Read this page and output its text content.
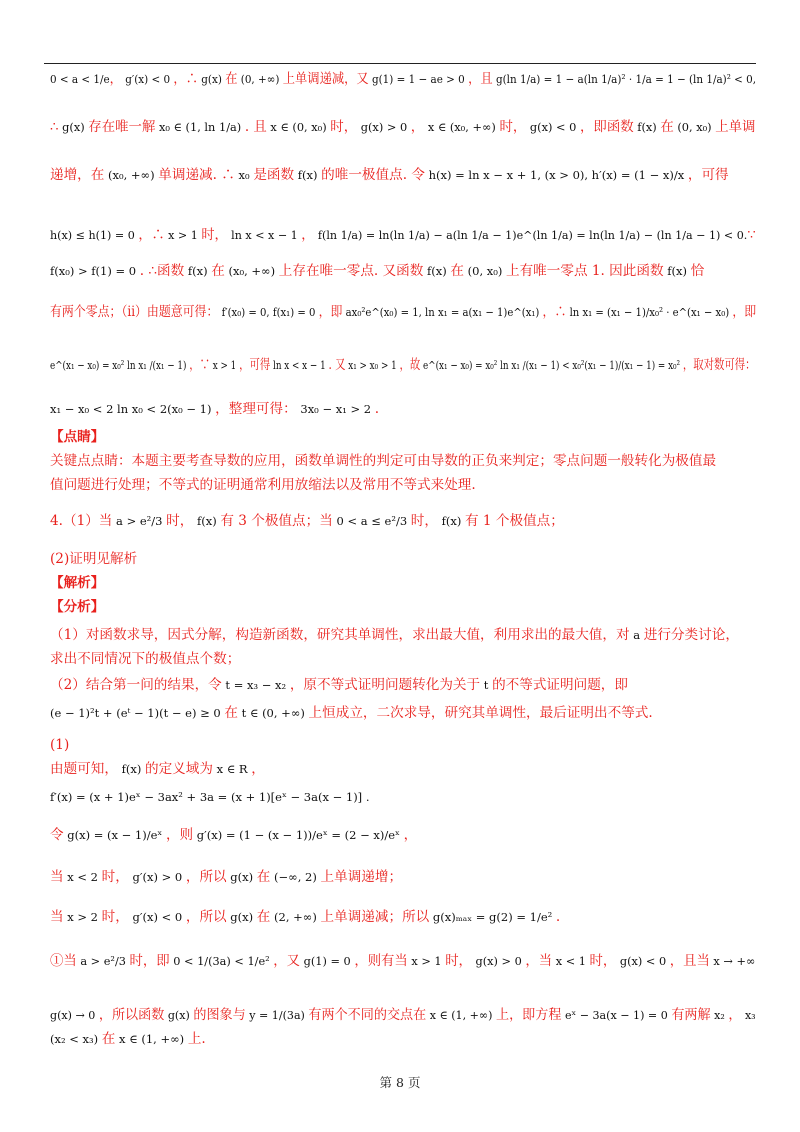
0 < a < 1/e， g′(x) < 0 ，∴ g(x) 在 (0, +∞) 上单调递减，又 g(1) = 1 − ae > 0 ，且 g(ln 1/a) = 1 − a(ln 1/a)² · 1/a = 1 − (ln 1/a)² < 0,
∴ g(x) 存在唯一解 x₀ ∈ (1, ln 1/a) . 且 x ∈ (0, x₀) 时， g(x) > 0 ， x ∈ (x₀, +∞) 时， g(x) < 0 ，即函数 f(x) 在 (0, x₀) 上单调
递增，在 (x₀, +∞) 单调递减. ∴ x₀ 是函数 f(x) 的唯一极值点. 令 h(x) = ln x − x + 1, (x > 0), h′(x) = (1 − x)/x ，可得
h(x) ≤ h(1) = 0 ，∴ x > 1 时， ln x < x − 1 ， f(ln 1/a) = ln(ln 1/a) − a(ln 1/a − 1)e^(ln 1/a) = ln(ln 1/a) − (ln 1/a − 1) < 0.∵
f(x₀) > f(1) = 0 . ∴函数 f(x) 在 (x₀, +∞) 上存在唯一零点. 又函数 f(x) 在 (0, x₀) 上有唯一零点 1. 因此函数 f(x) 恰
有两个零点；（ii）由题意可得： f′(x₀) = 0, f(x₁) = 0 ，即 ax₀²e^(x₀) = 1, ln x₁ = a(x₁ − 1)e^(x₁) ，∴ ln x₁ = (x₁ − 1)/x₀² · e^(x₁ − x₀) ，即
e^(x₁ − x₀) = x₀² ln x₁ /(x₁ − 1) ，∵ x > 1 ，可得 ln x < x − 1 . 又 x₁ > x₀ > 1 ，故 e^(x₁ − x₀) = x₀² ln x₁ /(x₁ − 1) < x₀²(x₁ − 1)/(x₁ − 1) = x₀² ，取对数可得：
x₁ − x₀ < 2 ln x₀ < 2(x₀ − 1) ，整理可得： 3x₀ − x₁ > 2 .
【点睛】
关键点点睛：本题主要考查导数的应用，函数单调性的判定可由导数的正负来判定；零点问题一般转化为极值最
值问题进行处理；不等式的证明通常利用放缩法以及常用不等式来处理.
4.（1）当 a > e²/3 时， f(x) 有 3 个极值点；当 0 < a ≤ e²/3 时， f(x) 有 1 个极值点；
(2)证明见解析
【解析】
【分析】
（1）对函数求导，因式分解，构造新函数，研究其单调性，求出最大值，利用求出的最大值，对 a 进行分类讨论，
求出不同情况下的极值点个数；
（2）结合第一问的结果，令 t = x₃ − x₂ ，原不等式证明问题转化为关于 t 的不等式证明问题，即
(e − 1)²t + (eᵗ − 1)(t − e) ≥ 0 在 t ∈ (0, +∞) 上恒成立，二次求导，研究其单调性，最后证明出不等式.
(1)
由题可知， f(x) 的定义域为 x ∈ R ，
f′(x) = (x + 1)eˣ − 3ax² + 3a = (x + 1)[eˣ − 3a(x − 1)] .
令 g(x) = (x − 1)/eˣ ，则 g′(x) = (1 − (x − 1))/eˣ = (2 − x)/eˣ ，
当 x < 2 时， g′(x) > 0 ，所以 g(x) 在 (−∞, 2) 上单调递增；
当 x > 2 时， g′(x) < 0 ，所以 g(x) 在 (2, +∞) 上单调递减；所以 g(x)ₘₐₓ = g(2) = 1/e² .
①当 a > e²/3 时，即 0 < 1/(3a) < 1/e² ，又 g(1) = 0 ，则有当 x > 1 时， g(x) > 0 ，当 x < 1 时， g(x) < 0 ，且当 x → +∞
g(x) → 0 ，所以函数 g(x) 的图象与 y = 1/(3a) 有两个不同的交点在 x ∈ (1, +∞) 上，即方程 eˣ − 3a(x − 1) = 0 有两解 x₂ ， x₃
(x₂ < x₃) 在 x ∈ (1, +∞) 上.
第 8 页
